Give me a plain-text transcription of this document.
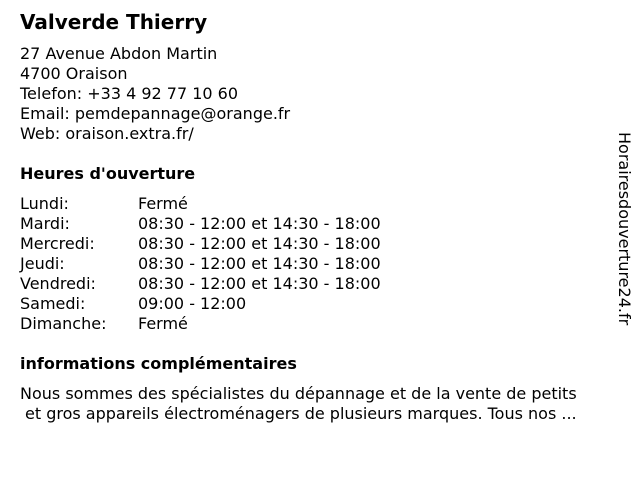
Valverde Thierry
27 Avenue Abdon Martin
4700 Oraison
Telefon: +33 4 92 77 10 60
Email: pemdepannage@orange.fr
Web: oraison.extra.fr/
Heures d'ouverture
Lundi:	Fermé
Mardi:	08:30 - 12:00 et 14:30 - 18:00
Mercredi:	08:30 - 12:00 et 14:30 - 18:00
Jeudi:	08:30 - 12:00 et 14:30 - 18:00
Vendredi:	08:30 - 12:00 et 14:30 - 18:00
Samedi:	09:00 - 12:00
Dimanche:	Fermé
informations complémentaires
Nous sommes des spécialistes du dépannage et de la vente de petits
et gros appareils électroménagers de plusieurs marques. Tous nos ...
Horairesdouverture24.fr
